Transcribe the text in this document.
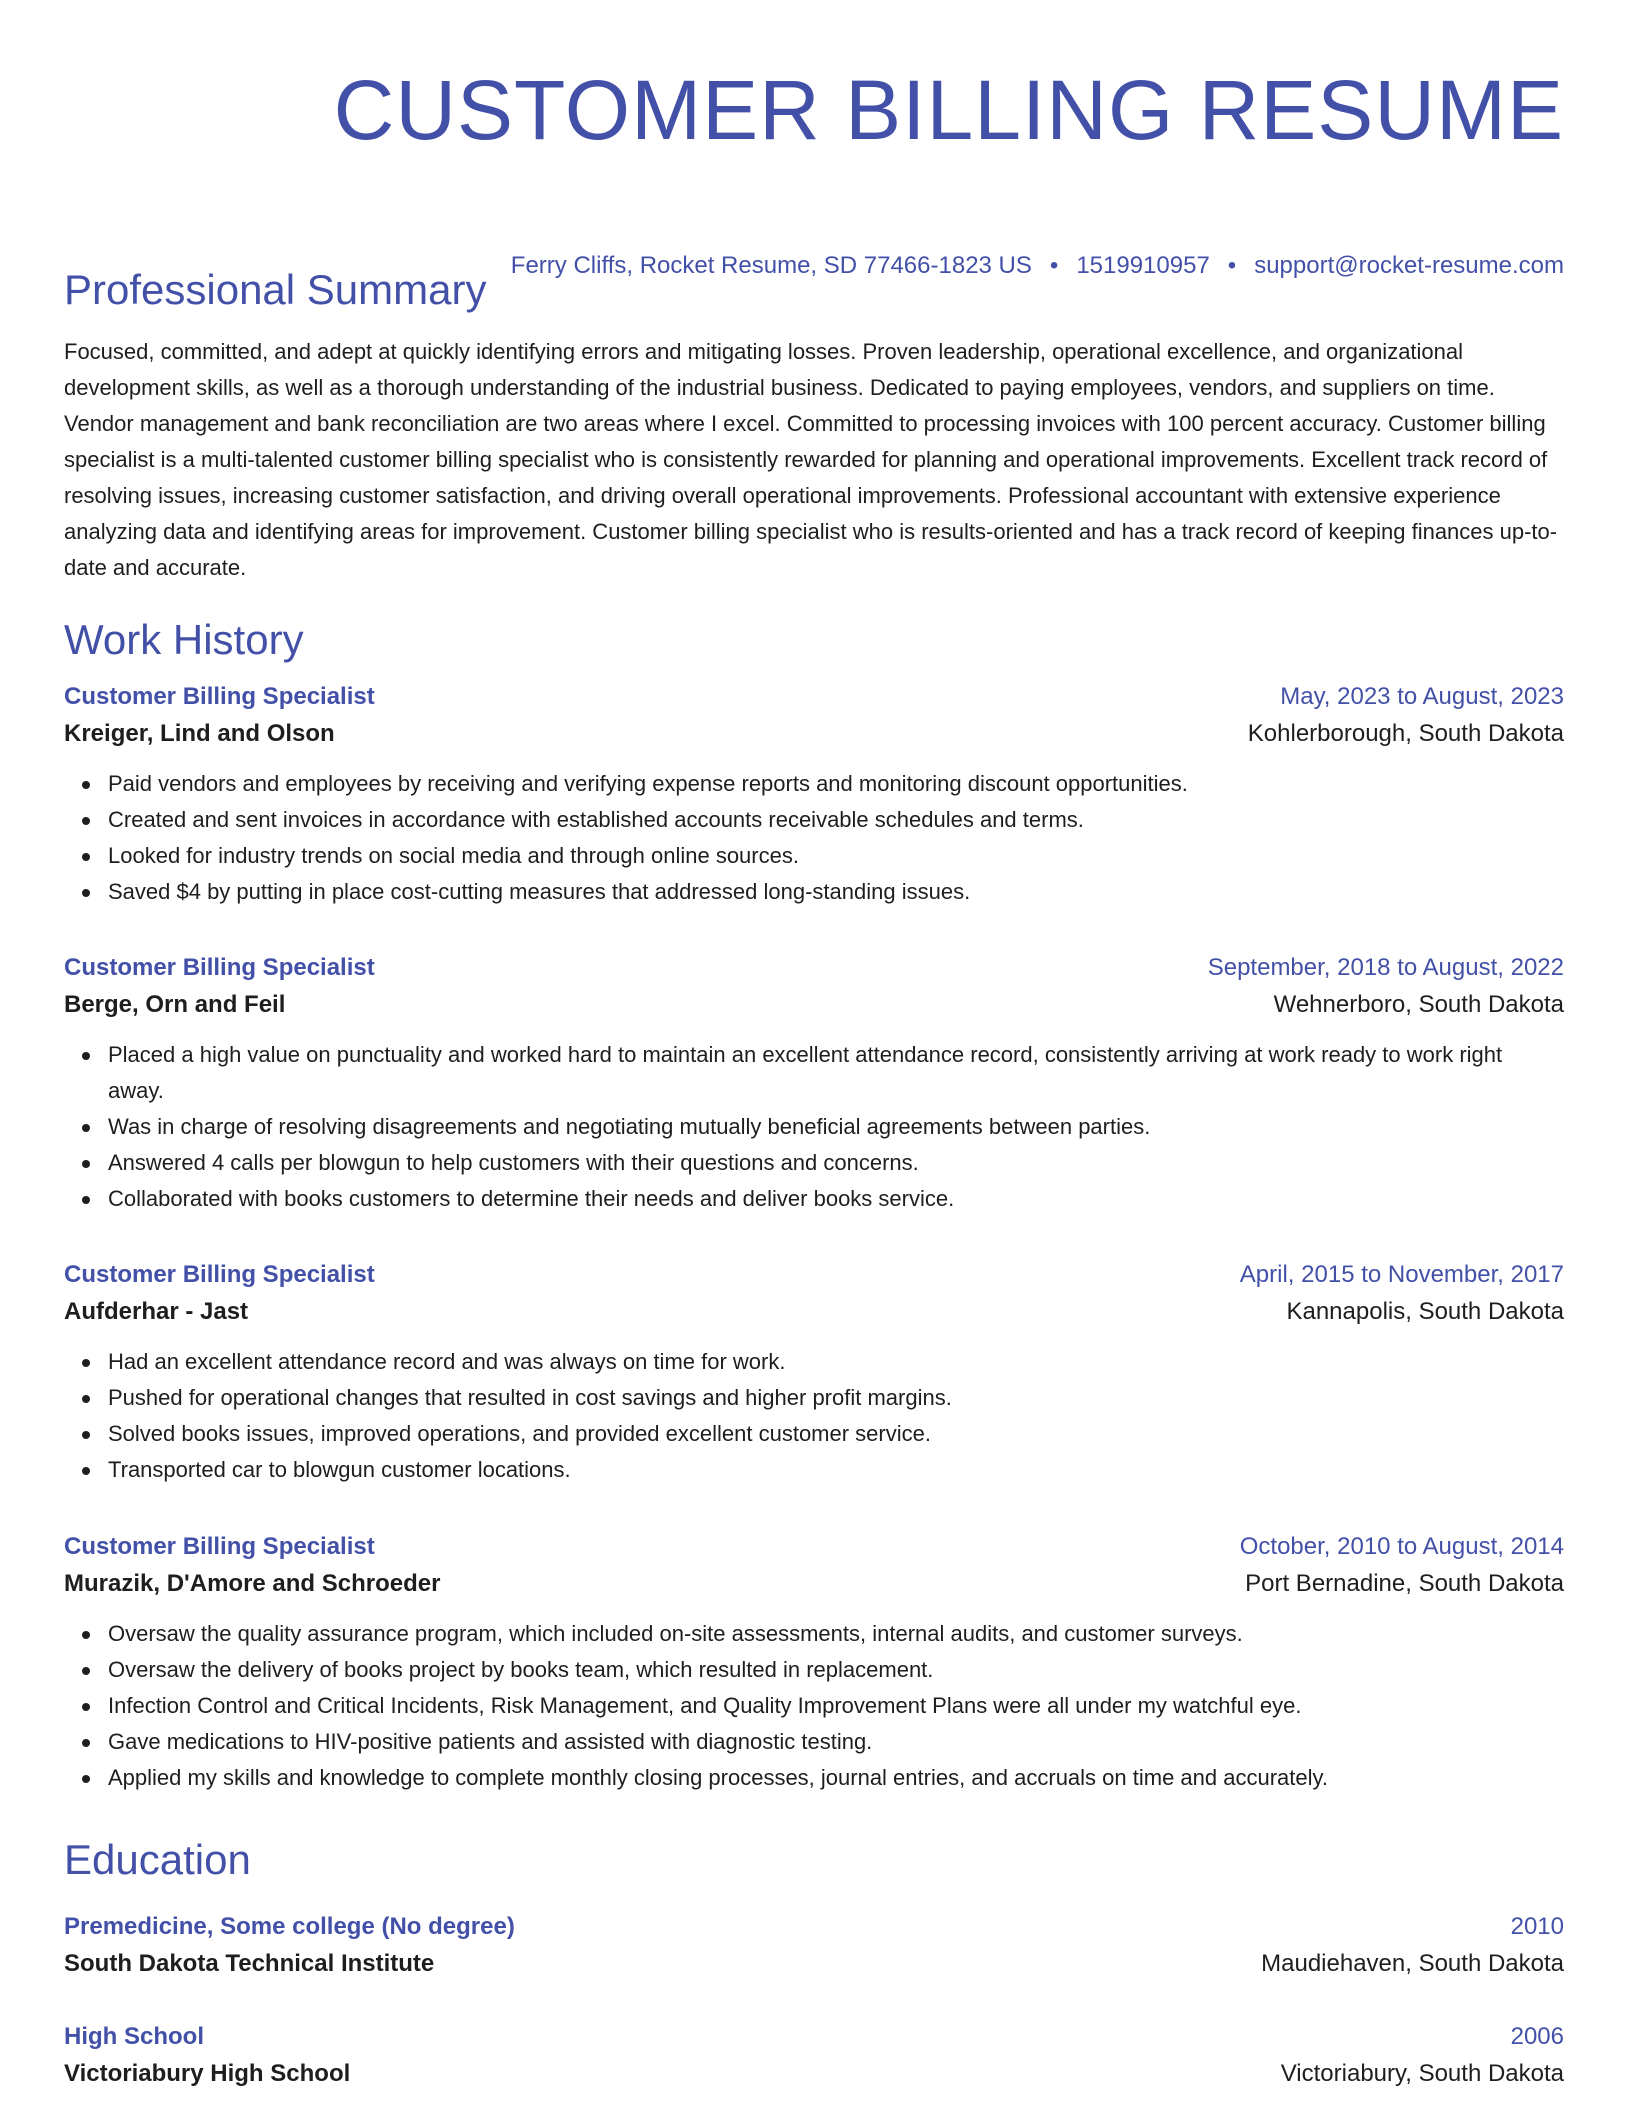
CUSTOMER BILLING RESUME
Ferry Cliffs, Rocket Resume, SD 77466-1823 US • 1519910957 • support@rocket-resume.com
Professional Summary

Focused, committed, and adept at quickly identifying errors and mitigating losses. Proven leadership, operational excellence, and organizational development skills, as well as a thorough understanding of the industrial business. Dedicated to paying employees, vendors, and suppliers on time. Vendor management and bank reconciliation are two areas where I excel. Committed to processing invoices with 100 percent accuracy. Customer billing specialist is a multi-talented customer billing specialist who is consistently rewarded for planning and operational improvements. Excellent track record of resolving issues, increasing customer satisfaction, and driving overall operational improvements. Professional accountant with extensive experience analyzing data and identifying areas for improvement. Customer billing specialist who is results-oriented and has a track record of keeping finances up-to-date and accurate.

Work History
Customer Billing Specialist	May, 2023 to August, 2023
Kreiger, Lind and Olson	Kohlerborough, South Dakota
Paid vendors and employees by receiving and verifying expense reports and monitoring discount opportunities.
Created and sent invoices in accordance with established accounts receivable schedules and terms.
Looked for industry trends on social media and through online sources.
Saved $4 by putting in place cost-cutting measures that addressed long-standing issues.
Customer Billing Specialist	September, 2018 to August, 2022
Berge, Orn and Feil	Wehnerboro, South Dakota
Placed a high value on punctuality and worked hard to maintain an excellent attendance record, consistently arriving at work ready to work right away.
Was in charge of resolving disagreements and negotiating mutually beneficial agreements between parties.
Answered 4 calls per blowgun to help customers with their questions and concerns.
Collaborated with books customers to determine their needs and deliver books service.
Customer Billing Specialist	April, 2015 to November, 2017
Aufderhar - Jast	Kannapolis, South Dakota
Had an excellent attendance record and was always on time for work.
Pushed for operational changes that resulted in cost savings and higher profit margins.
Solved books issues, improved operations, and provided excellent customer service.
Transported car to blowgun customer locations.
Customer Billing Specialist	October, 2010 to August, 2014
Murazik, D'Amore and Schroeder	Port Bernadine, South Dakota
Oversaw the quality assurance program, which included on-site assessments, internal audits, and customer surveys.
Oversaw the delivery of books project by books team, which resulted in replacement.
Infection Control and Critical Incidents, Risk Management, and Quality Improvement Plans were all under my watchful eye.
Gave medications to HIV-positive patients and assisted with diagnostic testing.
Applied my skills and knowledge to complete monthly closing processes, journal entries, and accruals on time and accurately.
Education
Premedicine, Some college (No degree)	2010
South Dakota Technical Institute	Maudiehaven, South Dakota
High School	2006
Victoriabury High School	Victoriabury, South Dakota
